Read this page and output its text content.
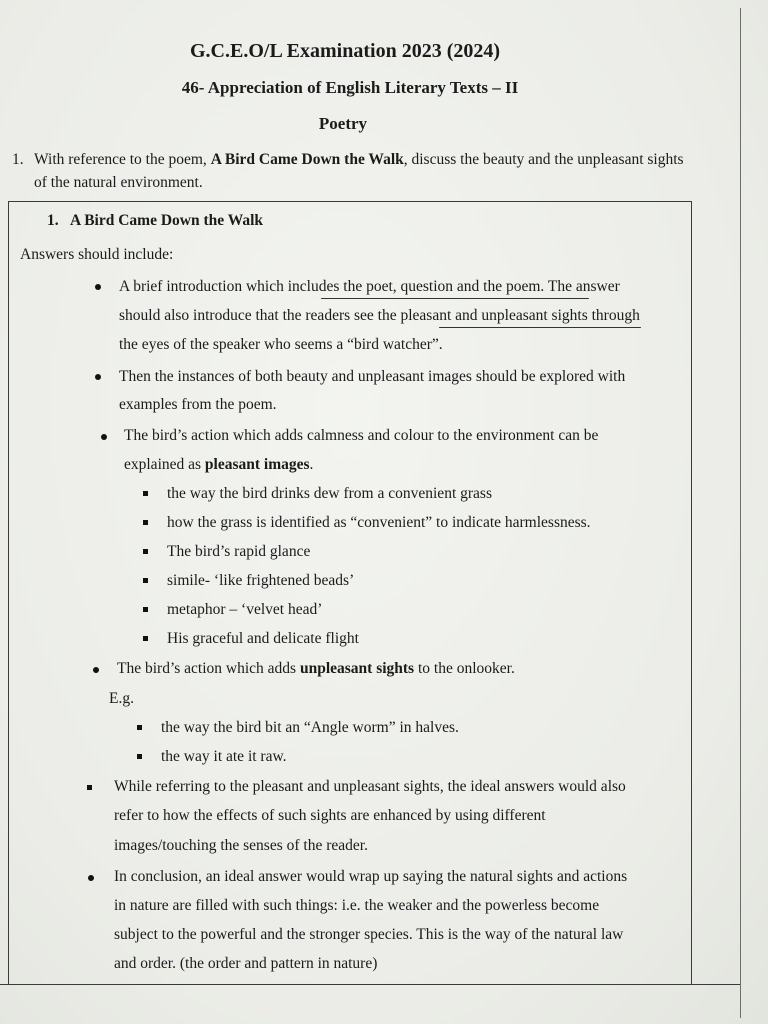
G.C.E.O/L Examination 2023 (2024)
46- Appreciation of English Literary Texts – II
Poetry
1. With reference to the poem, A Bird Came Down the Walk, discuss the beauty and the unpleasant sights of the natural environment.
1. A Bird Came Down the Walk
Answers should include:
A brief introduction which includes the poet, question and the poem. The answer
should also introduce that the readers see the pleasant and unpleasant sights through
the eyes of the speaker who seems a “bird watcher”.
Then the instances of both beauty and unpleasant images should be explored with
examples from the poem.
The bird’s action which adds calmness and colour to the environment can be
explained as pleasant images.
the way the bird drinks dew from a convenient grass
how the grass is identified as “convenient” to indicate harmlessness.
The bird’s rapid glance
simile- ‘like frightened beads’
metaphor – ‘velvet head’
His graceful and delicate flight
The bird’s action which adds unpleasant sights to the onlooker.
E.g.
the way the bird bit an “Angle worm” in halves.
the way it ate it raw.
While referring to the pleasant and unpleasant sights, the ideal answers would also
refer to how the effects of such sights are enhanced by using different
images/touching the senses of the reader.
In conclusion, an ideal answer would wrap up saying the natural sights and actions
in nature are filled with such things: i.e. the weaker and the powerless become
subject to the powerful and the stronger species. This is the way of the natural law
and order. (the order and pattern in nature)
